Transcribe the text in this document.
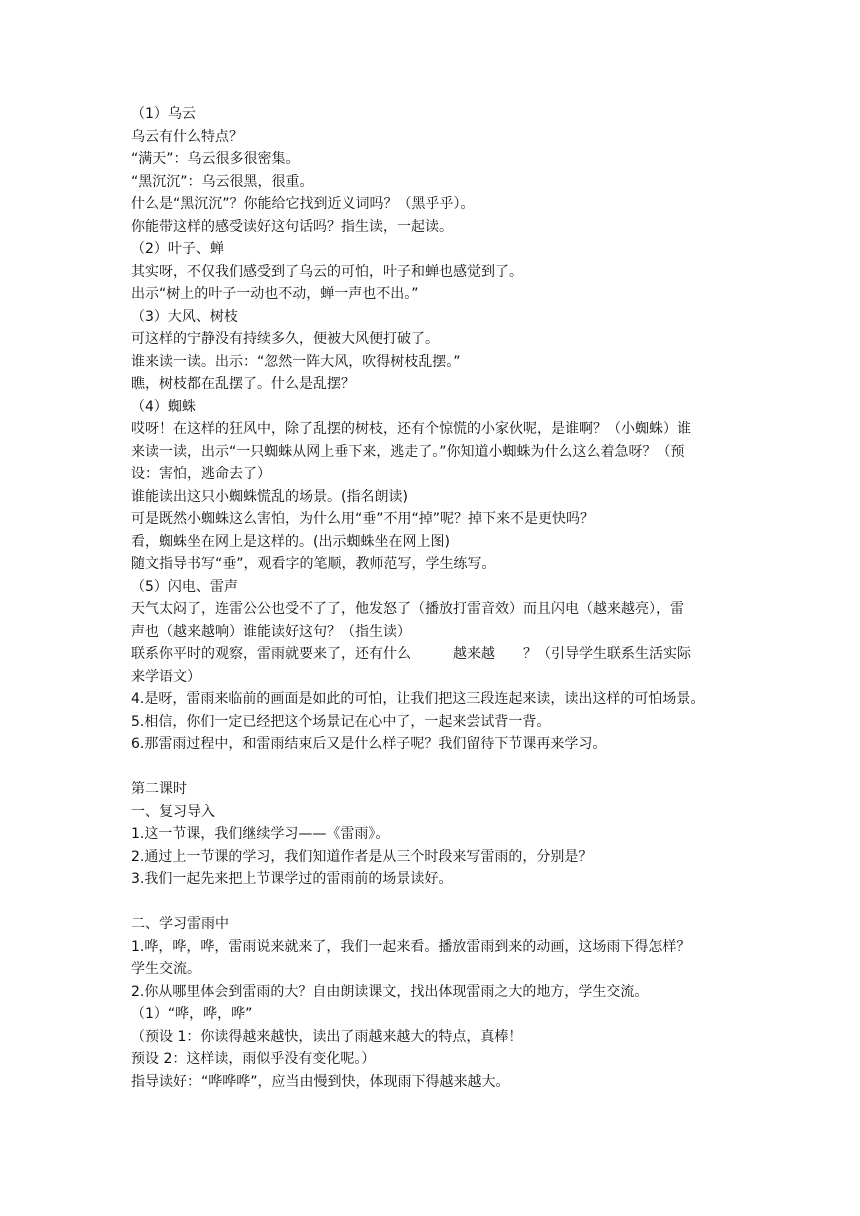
（1）乌云
乌云有什么特点？
“满天”：乌云很多很密集。
“黑沉沉”：乌云很黑，很重。
什么是“黑沉沉”？你能给它找到近义词吗？（黑乎乎）。
你能带这样的感受读好这句话吗？指生读，一起读。
（2）叶子、蝉
其实呀，不仅我们感受到了乌云的可怕，叶子和蝉也感觉到了。
出示“树上的叶子一动也不动，蝉一声也不出。”
（3）大风、树枝
可这样的宁静没有持续多久，便被大风便打破了。
谁来读一读。出示：“忽然一阵大风，吹得树枝乱摆。”
瞧，树枝都在乱摆了。什么是乱摆？
（4）蜘蛛
哎呀！在这样的狂风中，除了乱摆的树枝，还有个惊慌的小家伙呢，是谁啊？（小蜘蛛）谁
来读一读，出示“一只蜘蛛从网上垂下来，逃走了。”你知道小蜘蛛为什么这么着急呀？（预
设：害怕，逃命去了）
谁能读出这只小蜘蛛慌乱的场景。(指名朗读)
可是既然小蜘蛛这么害怕，为什么用“垂”不用“掉”呢？掉下来不是更快吗？
看，蜘蛛坐在网上是这样的。(出示蜘蛛坐在网上图)
随文指导书写“垂”，观看字的笔顺，教师范写，学生练写。
（5）闪电、雷声
天气太闷了，连雷公公也受不了了，他发怒了（播放打雷音效）而且闪电（越来越亮），雷
声也（越来越响）谁能读好这句？（指生读）
联系你平时的观察，雷雨就要来了，还有什么　　　越来越　　？（引导学生联系生活实际
来学语文）
4.是呀，雷雨来临前的画面是如此的可怕，让我们把这三段连起来读，读出这样的可怕场景。
5.相信，你们一定已经把这个场景记在心中了，一起来尝试背一背。
6.那雷雨过程中，和雷雨结束后又是什么样子呢？我们留待下节课再来学习。
第二课时
一、复习导入
1.这一节课，我们继续学习——《雷雨》。
2.通过上一节课的学习，我们知道作者是从三个时段来写雷雨的，分别是？
3.我们一起先来把上节课学过的雷雨前的场景读好。
二、学习雷雨中
1.哗，哗，哗，雷雨说来就来了，我们一起来看。播放雷雨到来的动画，这场雨下得怎样？
学生交流。
2.你从哪里体会到雷雨的大？自由朗读课文，找出体现雷雨之大的地方，学生交流。
（1）“哗，哗，哗”
（预设 1：你读得越来越快，读出了雨越来越大的特点，真棒！
预设 2：这样读，雨似乎没有变化呢。）
指导读好：“哗哗哗”，应当由慢到快，体现雨下得越来越大。
